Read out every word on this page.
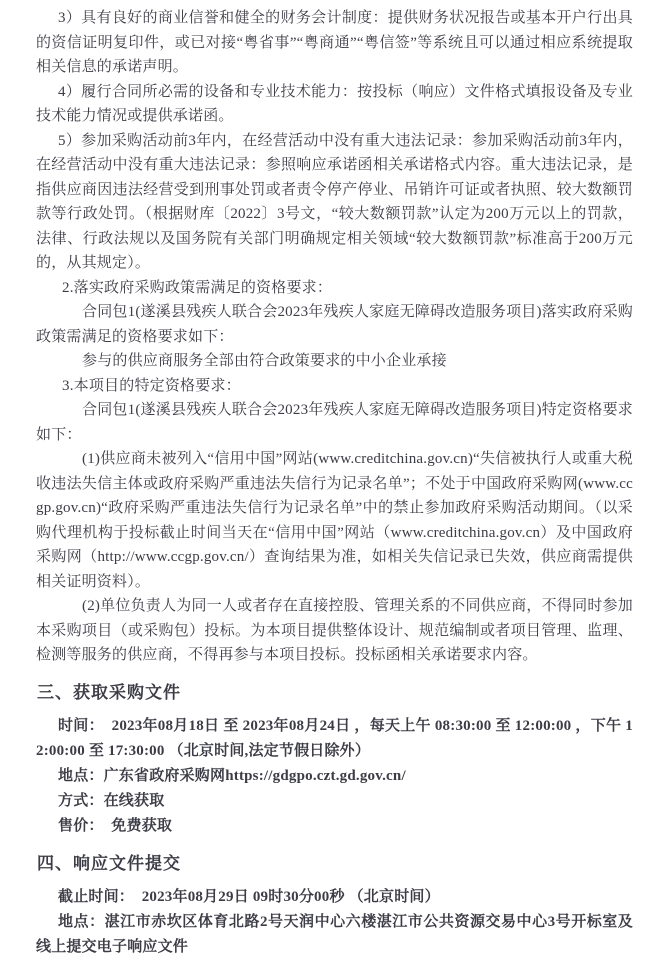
3）具有良好的商业信誉和健全的财务会计制度：提供财务状况报告或基本开户行出具的资信证明复印件，或已对接“粤省事”“粤商通”“粤信签”等系统且可以通过相应系统提取相关信息的承诺声明。

4）履行合同所必需的设备和专业技术能力：按投标（响应）文件格式填报设备及专业技术能力情况或提供承诺函。

5）参加采购活动前3年内，在经营活动中没有重大违法记录：参加采购活动前3年内，在经营活动中没有重大违法记录：参照响应承诺函相关承诺格式内容。重大违法记录，是指供应商因违法经营受到刑事处罚或者责令停产停业、吊销许可证或者执照、较大数额罚款等行政处罚。（根据财库〔2022〕3号文，“较大数额罚款”认定为200万元以上的罚款，法律、行政法规以及国务院有关部门明确规定相关领域“较大数额罚款”标准高于200万元的，从其规定）。

2.落实政府采购政策需满足的资格要求：

合同包1(遂溪县残疾人联合会2023年残疾人家庭无障碍改造服务项目)落实政府采购政策需满足的资格要求如下：

参与的供应商服务全部由符合政策要求的中小企业承接

3.本项目的特定资格要求：

合同包1(遂溪县残疾人联合会2023年残疾人家庭无障碍改造服务项目)特定资格要求如下：

(1)供应商未被列入“信用中国”网站(www.creditchina.gov.cn)“失信被执行人或重大税收违法失信主体或政府采购严重违法失信行为记录名单”；不处于中国政府采购网(www.ccgp.gov.cn)“政府采购严重违法失信行为记录名单”中的禁止参加政府采购活动期间。（以采购代理机构于投标截止时间当天在“信用中国”网站（www.creditchina.gov.cn）及中国政府采购网（http://www.ccgp.gov.cn/）查询结果为准，如相关失信记录已失效，供应商需提供相关证明资料）。

(2)单位负责人为同一人或者存在直接控股、管理关系的不同供应商，不得同时参加本采购项目（或采购包）投标。为本项目提供整体设计、规范编制或者项目管理、监理、检测等服务的供应商，不得再参与本项目投标。投标函相关承诺要求内容。

三、获取采购文件

时间：　2023年08月18日 至 2023年08月24日 ，每天上午 08:30:00 至 12:00:00 ，下午 12:00:00 至 17:30:00 （北京时间,法定节假日除外）

地点：广东省政府采购网https://gdgpo.czt.gd.gov.cn/

方式：在线获取

售价：　免费获取

四、响应文件提交

截止时间：　2023年08月29日 09时30分00秒 （北京时间）

地点：湛江市赤坎区体育北路2号天润中心六楼湛江市公共资源交易中心3号开标室及线上提交电子响应文件
